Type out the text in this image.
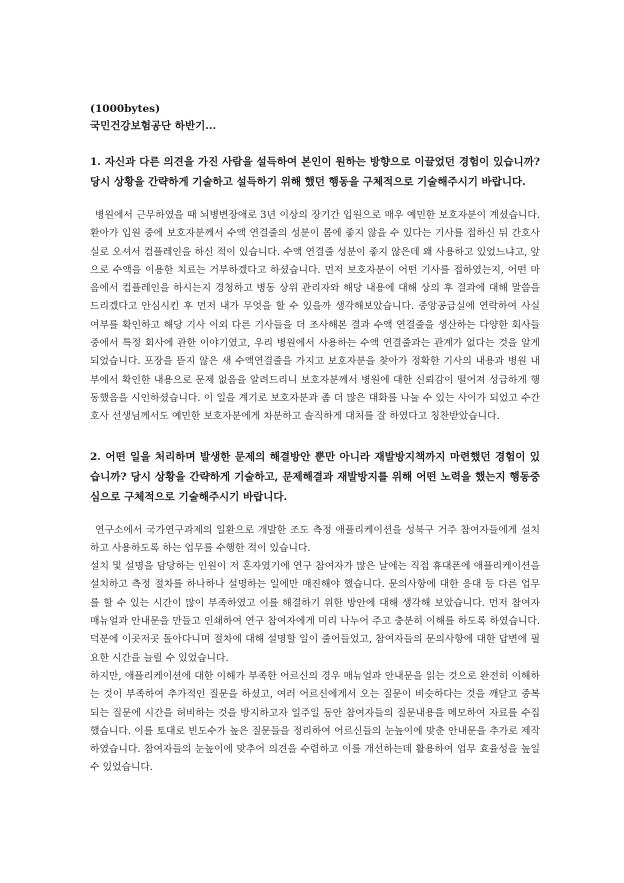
(1000bytes)
국민건강보험공단 하반기...
1. 자신과 다른 의견을 가진 사람을 설득하여 본인이 원하는 방향으로 이끌었던 경험이 있습니까? 당시 상황을 간략하게 기술하고 설득하기 위해 했던 행동을 구체적으로 기술해주시기 바랍니다.

병원에서 근무하였을 때 뇌병변장애로 3년 이상의 장기간 입원으로 매우 예민한 보호자분이 계셨습니다. 환아가 입원 중에 보호자분께서 수액 연결줄의 성분이 몸에 좋지 않을 수 있다는 기사를 접하신 뒤 간호사실로 오셔서 컴플레인을 하신 적이 있습니다. 수액 연결줄 성분이 좋지 않은데 왜 사용하고 있었느냐고, 앞으로 수액을 이용한 치료는 거부하겠다고 하셨습니다. 먼저 보호자분이 어떤 기사를 접하였는지, 어떤 마음에서 컴플레인을 하시는지 경청하고 병동 상위 관리자와 해당 내용에 대해 상의 후 결과에 대해 말씀을 드리겠다고 안심시킨 후 먼저 내가 무엇을 할 수 있을까 생각해보았습니다. 중앙공급실에 연락하여 사실 여부를 확인하고 해당 기사 이외 다른 기사들을 더 조사해본 결과 수액 연결줄을 생산하는 다양한 회사들 중에서 특정 회사에 관한 이야기였고, 우리 병원에서 사용하는 수액 연결줄과는 관계가 없다는 것을 알게 되었습니다. 포장을 뜯지 않은 새 수액연결줄을 가지고 보호자분을 찾아가 정확한 기사의 내용과 병원 내부에서 확인한 내용으로 문제 없음을 알려드리니 보호자분께서 병원에 대한 신뢰감이 떨어져 성급하게 행동했음을 시인하셨습니다. 이 일을 계기로 보호자분과 좀 더 많은 대화를 나눌 수 있는 사이가 되었고 수간호사 선생님께서도 예민한 보호자분에게 차분하고 솔직하게 대처를 잘 하였다고 칭찬받았습니다.

2. 어떤 일을 처리하며 발생한 문제의 해결방안 뿐만 아니라 재발방지책까지 마련했던 경험이 있습니까? 당시 상황을 간략하게 기술하고, 문제해결과 재발방지를 위해 어떤 노력을 했는지 행동중심으로 구체적으로 기술해주시기 바랍니다.

연구소에서 국가연구과제의 일환으로 개발한 조도 측정 애플리케이션을 성북구 거주 참여자들에게 설치하고 사용하도록 하는 업무를 수행한 적이 있습니다.

설치 및 설명을 담당하는 인원이 저 혼자였기에 연구 참여자가 많은 날에는 직접 휴대폰에 애플리케이션을 설치하고 측정 절차를 하나하나 설명하는 일에만 매진해야 했습니다. 문의사항에 대한 응대 등 다른 업무를 할 수 있는 시간이 많이 부족하였고 이를 해결하기 위한 방안에 대해 생각해 보았습니다. 먼저 참여자 매뉴얼과 안내문을 만들고 인쇄하여 연구 참여자에게 미리 나누어 주고 충분히 이해를 하도록 하였습니다. 덕분에 이곳저곳 돌아다니며 절차에 대해 설명할 일이 줄어들었고, 참여자들의 문의사항에 대한 답변에 필요한 시간을 늘릴 수 있었습니다.

하지만, 애플리케이션에 대한 이해가 부족한 어르신의 경우 매뉴얼과 안내문을 읽는 것으로 완전히 이해하는 것이 부족하여 추가적인 질문을 하셨고, 여러 어르신에게서 오는 질문이 비슷하다는 것을 깨닫고 중복되는 질문에 시간을 허비하는 것을 방지하고자 일주일 동안 참여자들의 질문내용을 메모하여 자료를 수집했습니다. 이를 토대로 빈도수가 높은 질문들을 정리하여 어르신들의 눈높이에 맞춘 안내문을 추가로 제작하였습니다. 참여자들의 눈높이에 맞추어 의견을 수렴하고 이를 개선하는데 활용하여 업무 효율성을 높일 수 있었습니다.
